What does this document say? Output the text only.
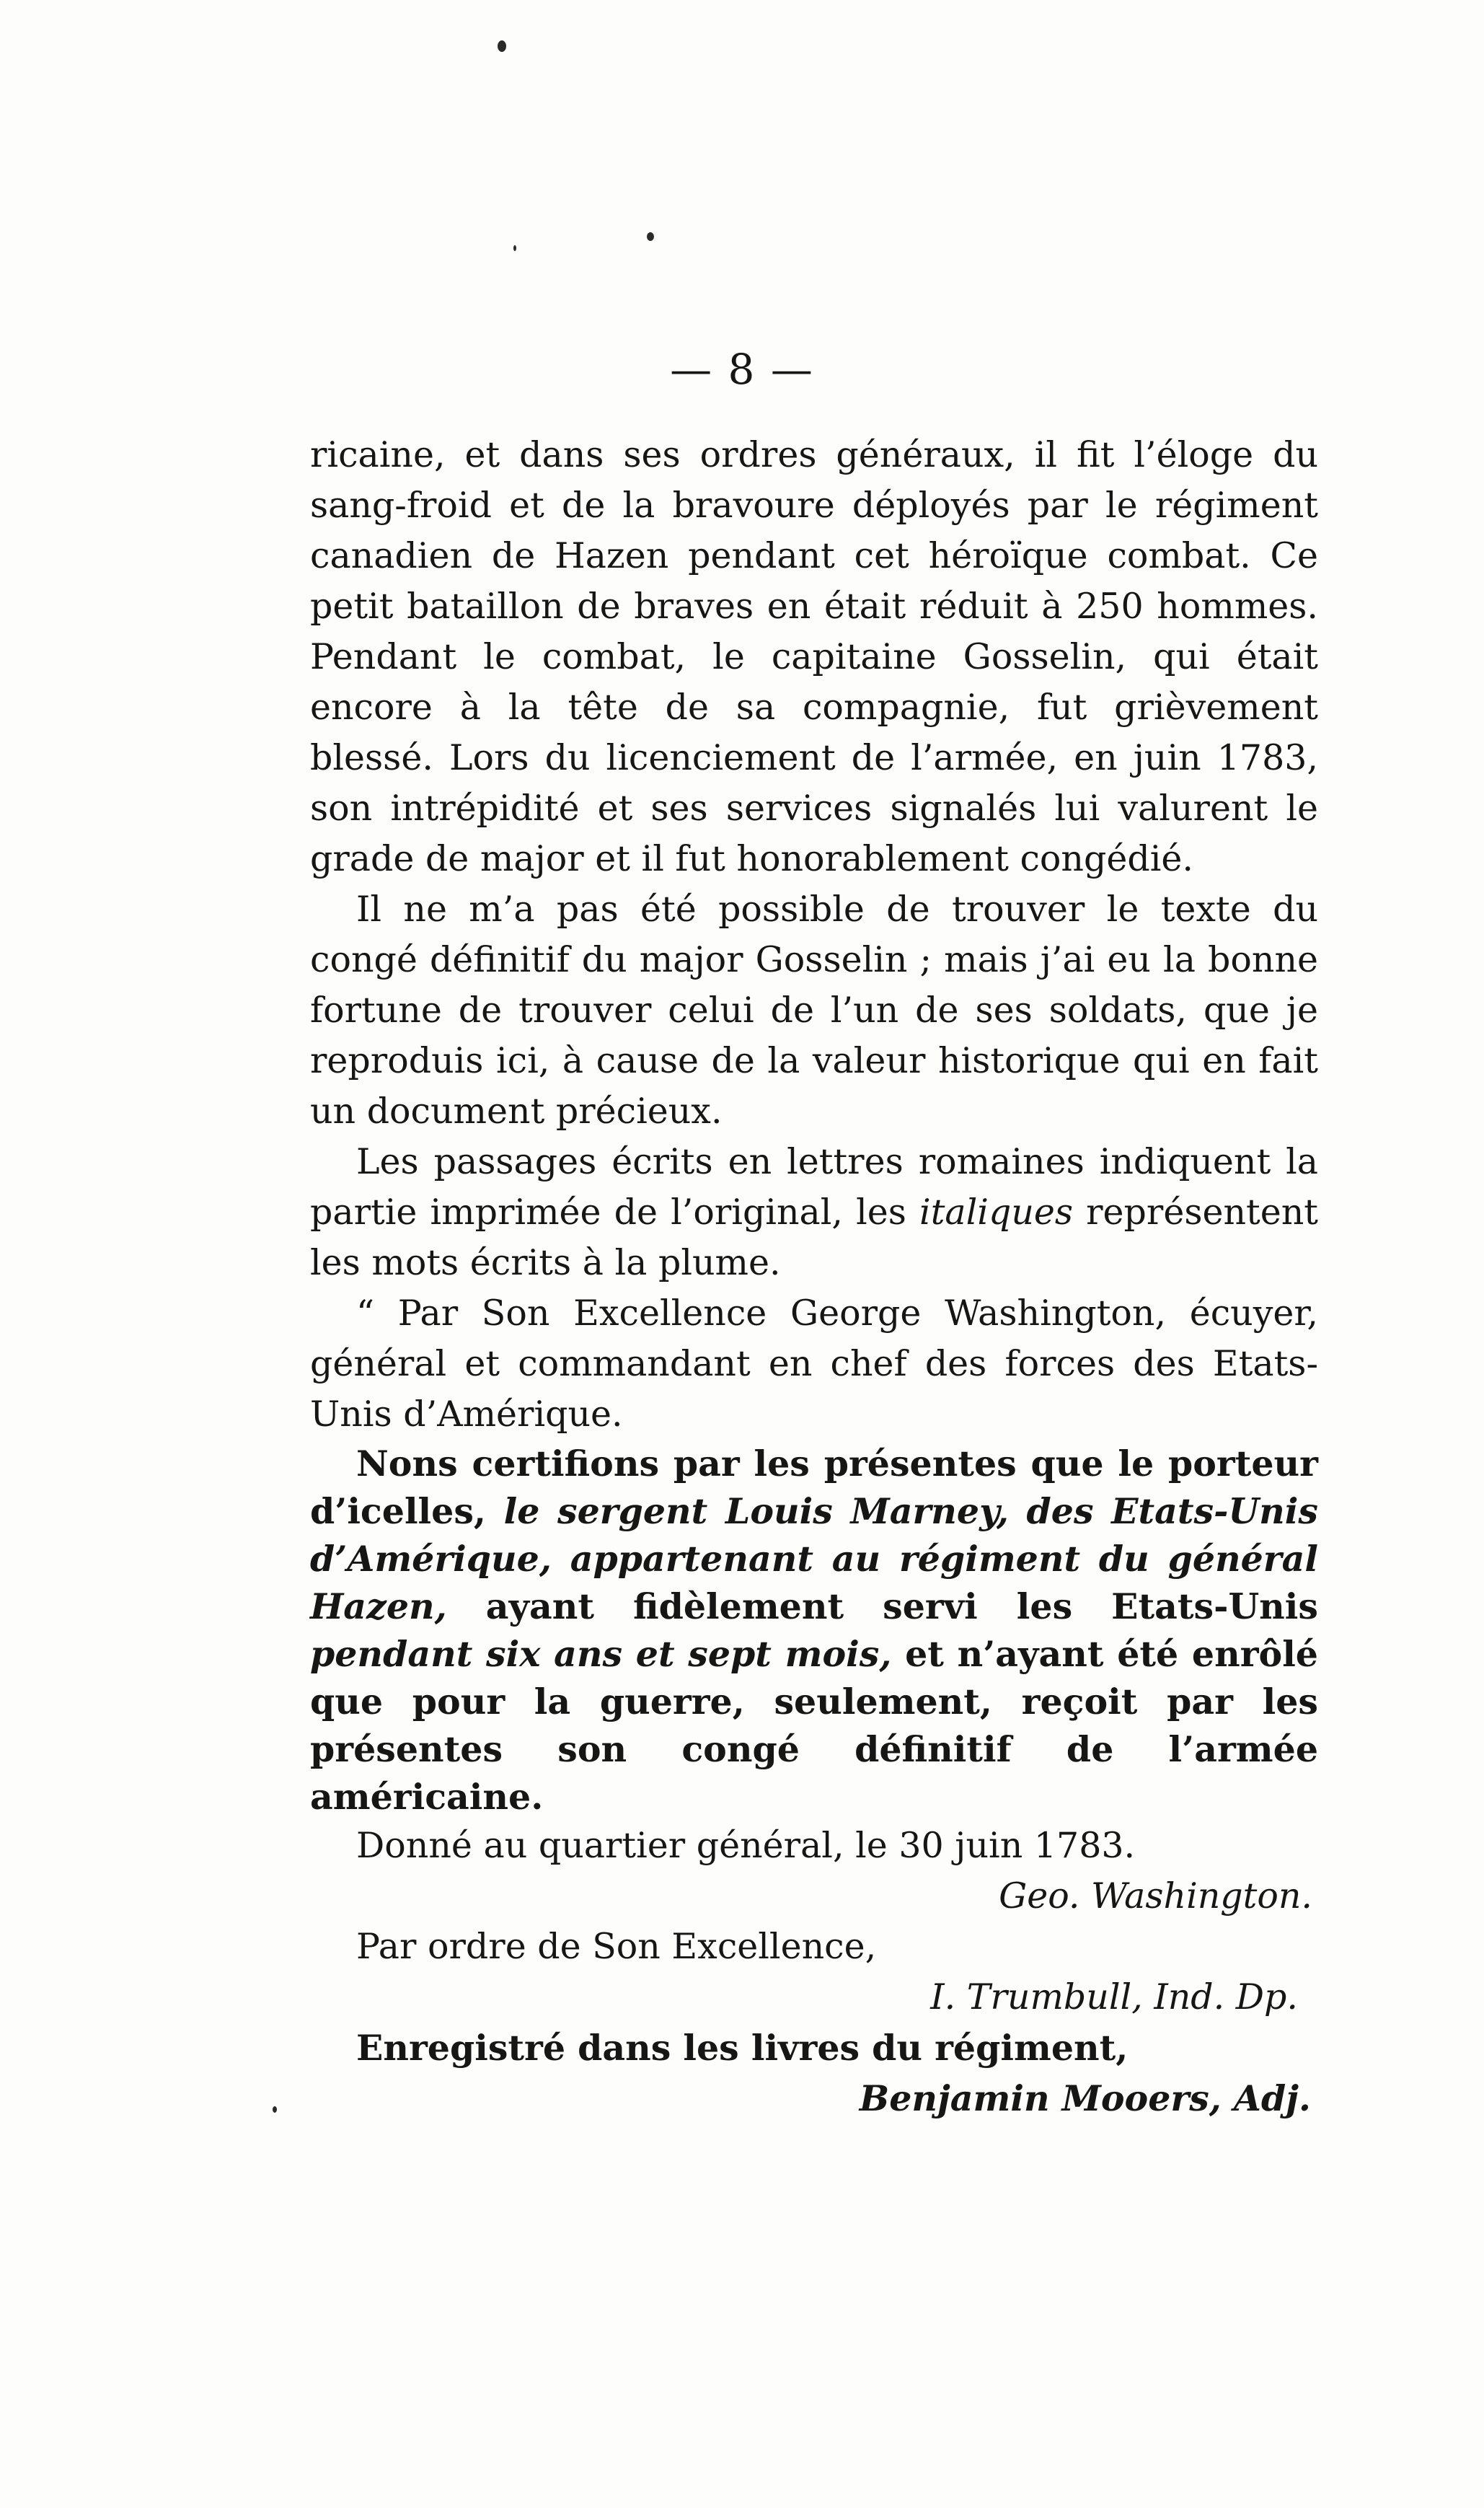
— 8 —

ricaine, et dans ses ordres généraux, il fit l’éloge du sang-froid et de la bravoure déployés par le régiment canadien de Hazen pendant cet héroïque combat. Ce petit bataillon de braves en était réduit à 250 hommes. Pendant le combat, le capitaine Gosselin, qui était encore à la tête de sa compagnie, fut grièvement blessé. Lors du licenciement de l’armée, en juin 1783, son intrépidité et ses services signalés lui valurent le grade de major et il fut honorablement congédié.

Il ne m’a pas été possible de trouver le texte du congé définitif du major Gosselin ; mais j’ai eu la bonne fortune de trouver celui de l’un de ses soldats, que je reproduis ici, à cause de la valeur historique qui en fait un document précieux.

Les passages écrits en lettres romaines indiquent la partie imprimée de l’original, les italiques représentent les mots écrits à la plume.

“ Par Son Excellence George Washington, écuyer, général et commandant en chef des forces des Etats-Unis d’Amérique.

Nons certifions par les présentes que le porteur d’icelles, le sergent Louis Marney, des Etats-Unis d’Amérique, appartenant au régiment du général Hazen, ayant fidèlement servi les Etats-Unis pendant six ans et sept mois, et n’ayant été enrôlé que pour la guerre, seulement, reçoit par les présentes son congé définitif de l’armée américaine.

Donné au quartier général, le 30 juin 1783.

Geo. Washington.

Par ordre de Son Excellence,

I. Trumbull, Ind. Dp.

Enregistré dans les livres du régiment,

Benjamin Mooers, Adj.
